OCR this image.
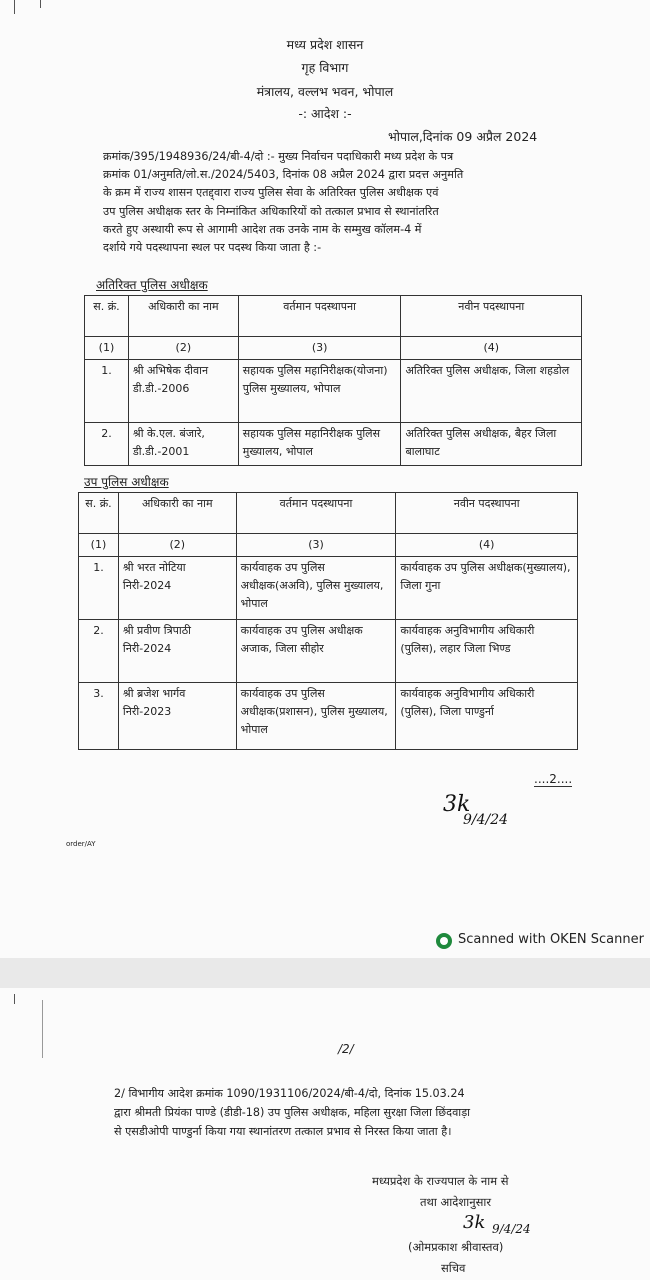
मध्य प्रदेश शासन
गृह विभाग
मंत्रालय, वल्लभ भवन, भोपाल
-: आदेश :-
भोपाल,दिनांक 09 अप्रैल 2024
क्रमांक/395/1948936/24/बी-4/दो :- मुख्य निर्वाचन पदाधिकारी मध्य प्रदेश के पत्र
क्रमांक 01/अनुमति/लो.स./2024/5403, दिनांक 08 अप्रैल 2024 द्वारा प्रदत्त अनुमति
के क्रम में राज्य शासन एतद्द्वारा राज्य पुलिस सेवा के अतिरिक्त पुलिस अधीक्षक एवं
उप पुलिस अधीक्षक स्तर के निम्नांकित अधिकारियों को तत्काल प्रभाव से स्थानांतरित
करते हुए अस्थायी रूप से आगामी आदेश तक उनके नाम के सम्मुख कॉलम-4 में
दर्शाये गये पदस्थापना स्थल पर पदस्थ किया जाता है :-
अतिरिक्त पुलिस अधीक्षक
स. क्रं.	अधिकारी का नाम	वर्तमान पदस्थापना	नवीन पदस्थापना
(1)	(2)	(3)	(4)
1.	श्री अभिषेक दीवान डी.डी.-2006	सहायक पुलिस महानिरीक्षक(योजना) पुलिस मुख्यालय, भोपाल	अतिरिक्त पुलिस अधीक्षक, जिला शहडोल
2.	श्री के.एल. बंजारे, डी.डी.-2001	सहायक पुलिस महानिरीक्षक पुलिस मुख्यालय, भोपाल	अतिरिक्त पुलिस अधीक्षक, बैहर जिला बालाघाट
उप पुलिस अधीक्षक
स. क्रं.	अधिकारी का नाम	वर्तमान पदस्थापना	नवीन पदस्थापना
(1)	(2)	(3)	(4)
1.	श्री भरत नोटिया निरी-2024	कार्यवाहक उप पुलिस अधीक्षक(अअवि), पुलिस मुख्यालय, भोपाल	कार्यवाहक उप पुलिस अधीक्षक(मुख्यालय), जिला गुना
2.	श्री प्रवीण त्रिपाठी निरी-2024	कार्यवाहक उप पुलिस अधीक्षक अजाक, जिला सीहोर	कार्यवाहक अनुविभागीय अधिकारी (पुलिस), लहार जिला भिण्ड
3.	श्री ब्रजेश भार्गव निरी-2023	कार्यवाहक उप पुलिस अधीक्षक(प्रशासन), पुलिस मुख्यालय, भोपाल	कार्यवाहक अनुविभागीय अधिकारी (पुलिस), जिला पाण्डुर्ना
....2....
3k
9/4/24
order/AY
Scanned with OKEN Scanner
/2/
2/ विभागीय आदेश क्रमांक 1090/1931106/2024/बी-4/दो, दिनांक 15.03.24
द्वारा श्रीमती प्रियंका पाण्डे (डीडी-18) उप पुलिस अधीक्षक, महिला सुरक्षा जिला छिंदवाड़ा
से एसडीओपी पाण्डुर्ना किया गया स्थानांतरण तत्काल प्रभाव से निरस्त किया जाता है।
मध्यप्रदेश के राज्यपाल के नाम से
तथा आदेशानुसार
3k 9/4/24
(ओमप्रकाश श्रीवास्तव)
सचिव
